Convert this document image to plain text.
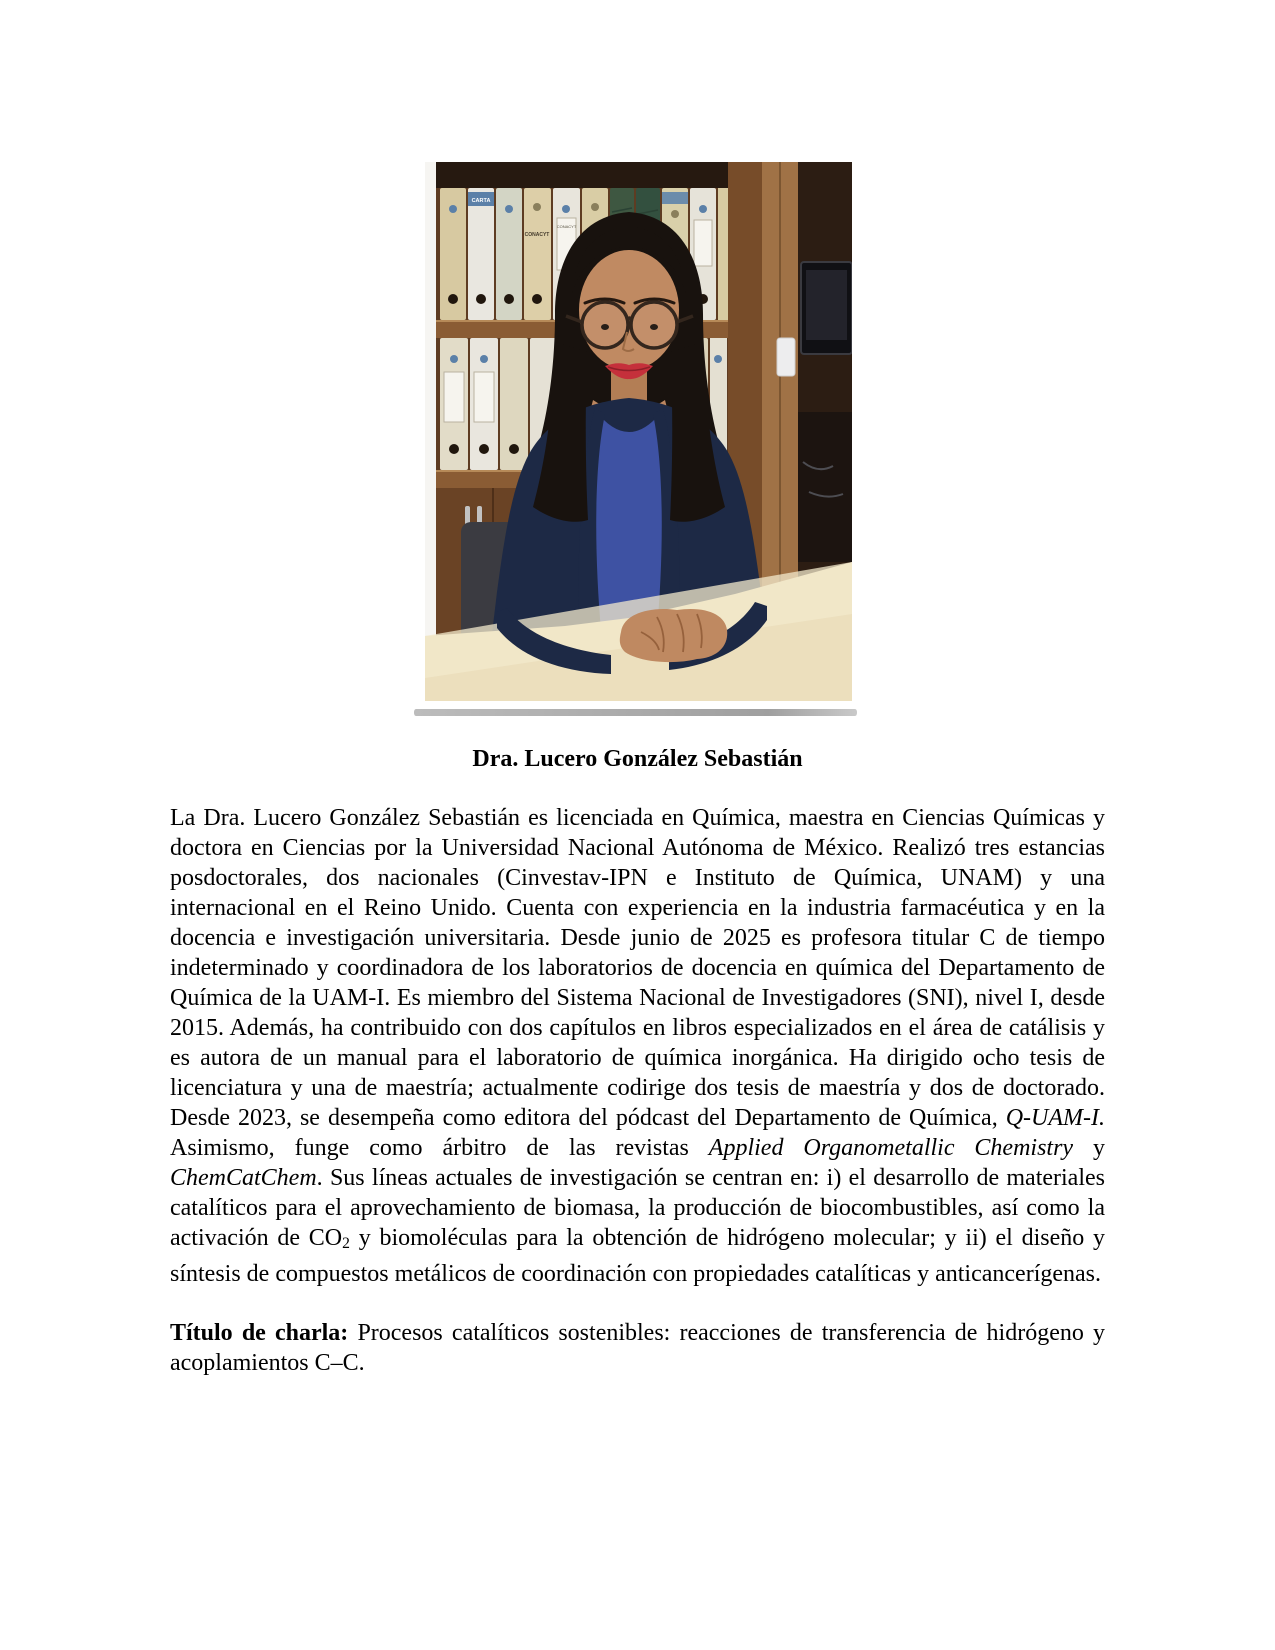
CARTA
CONACYT
CONACYT
Dra. Lucero González Sebastián

La Dra. Lucero González Sebastián es licenciada en Química, maestra en Ciencias Químicas y doctora en Ciencias por la Universidad Nacional Autónoma de México. Realizó tres estancias posdoctorales, dos nacionales (Cinvestav-IPN e Instituto de Química, UNAM) y una internacional en el Reino Unido. Cuenta con experiencia en la industria farmacéutica y en la docencia e investigación universitaria. Desde junio de 2025 es profesora titular C de tiempo indeterminado y coordinadora de los laboratorios de docencia en química del Departamento de Química de la UAM-I. Es miembro del Sistema Nacional de Investigadores (SNI), nivel I, desde 2015. Además, ha contribuido con dos capítulos en libros especializados en el área de catálisis y es autora de un manual para el laboratorio de química inorgánica. Ha dirigido ocho tesis de licenciatura y una de maestría; actualmente codirige dos tesis de maestría y dos de doctorado. Desde 2023, se desempeña como editora del pódcast del Departamento de Química, Q-UAM-I. Asimismo, funge como árbitro de las revistas Applied Organometallic Chemistry y ChemCatChem. Sus líneas actuales de investigación se centran en: i) el desarrollo de materiales catalíticos para el aprovechamiento de biomasa, la producción de biocombustibles, así como la activación de CO2 y biomoléculas para la obtención de hidrógeno molecular; y ii) el diseño y síntesis de compuestos metálicos de coordinación con propiedades catalíticas y anticancerígenas.

Título de charla: Procesos catalíticos sostenibles: reacciones de transferencia de hidrógeno y acoplamientos C–C.
